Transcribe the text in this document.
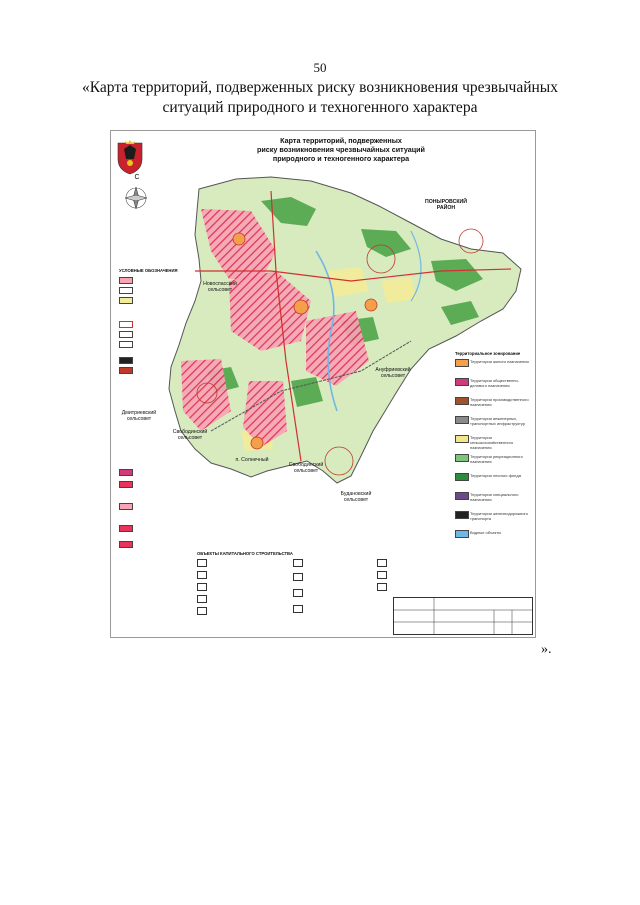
50
«Карта территорий, подверженных риску возникновения чрезвычайных ситуаций природного и техногенного характера
С
Карта территорий, подверженных
риску возникновения чрезвычайных ситуаций
природного и техногенного характера
ПОНЫРОВСКИЙ
РАЙОН
Новоспасский
сельсовет
Ануфриевский
сельсовет
Дмитриевский
сельсовет
Свободинский
сельсовет
п. Солнечный
Свободинский
сельсовет
Будановский
сельсовет
УСЛОВНЫЕ ОБОЗНАЧЕНИЯ
Территориальное зонирование
Территории жилого назначения
Территории общественно-делового назначения
Территории производственного назначения
Территории инженерных, транспортных инфраструктур
Территории сельскохозяйственного назначения
Территории рекреационного назначения
Территории лесного фонда
Территории специального назначения
Территории железнодорожного транспорта
Водные объекты
ОБЪЕКТЫ КАПИТАЛЬНОГО СТРОИТЕЛЬСТВА
».
